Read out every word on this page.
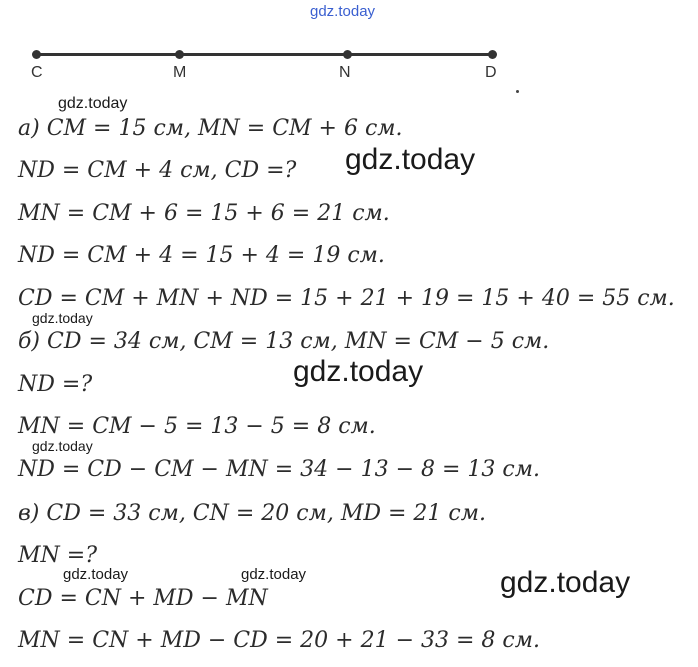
gdz.today
C	M	N	D
а) CM = 15 см, MN = CM + 6 см.
ND = CM + 4 см, CD =?
MN = CM + 6 = 15 + 6 = 21 см.
ND = CM + 4 = 15 + 4 = 19 см.
CD = CM + MN + ND = 15 + 21 + 19 = 15 + 40 = 55 см.
б) CD = 34 см, CM = 13 см, MN = CM − 5 см.
ND =?
MN = CM − 5 = 13 − 5 = 8 см.
ND = CD − CM − MN = 34 − 13 − 8 = 13 см.
в) CD = 33 см, CN = 20 см, MD = 21 см.
MN =?
CD = CN + MD − MN
MN = CN + MD − CD = 20 + 21 − 33 = 8 см.
gdz.today
gdz.today
gdz.today
gdz.today
gdz.today
gdz.today	gdz.today	gdz.today
